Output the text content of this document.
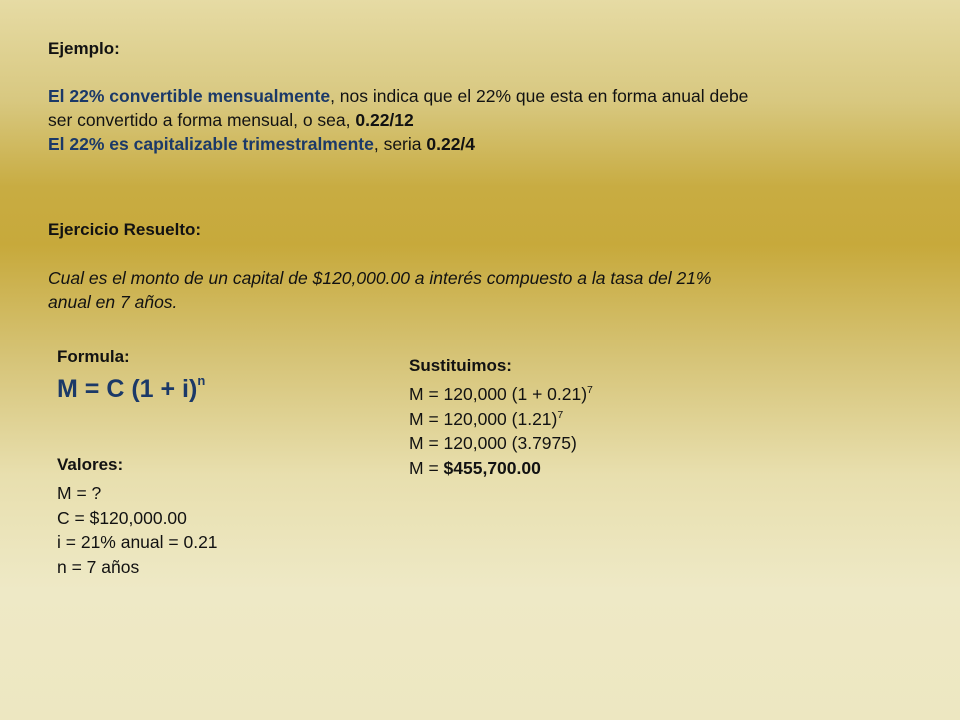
Ejemplo:
El 22% convertible mensualmente, nos indica que el 22% que esta en forma anual debe
ser convertido a forma mensual, o sea, 0.22/12
El 22% es capitalizable trimestralmente, seria 0.22/4
Ejercicio Resuelto:
Cual es el monto de un capital de $120,000.00 a interés compuesto a la tasa del 21%
anual en 7 años.
Formula:
M = C $(1 + i)^n$
Valores:
M = ?
C = $120,000.00
i = 21% anual = 0.21
n = 7 años
Sustituimos:
M = 120,000 $(1 + 0.21)^7$
M = 120,000 $(1.21)^7$
M = 120,000 (3.7975)
M = $455,700.00
